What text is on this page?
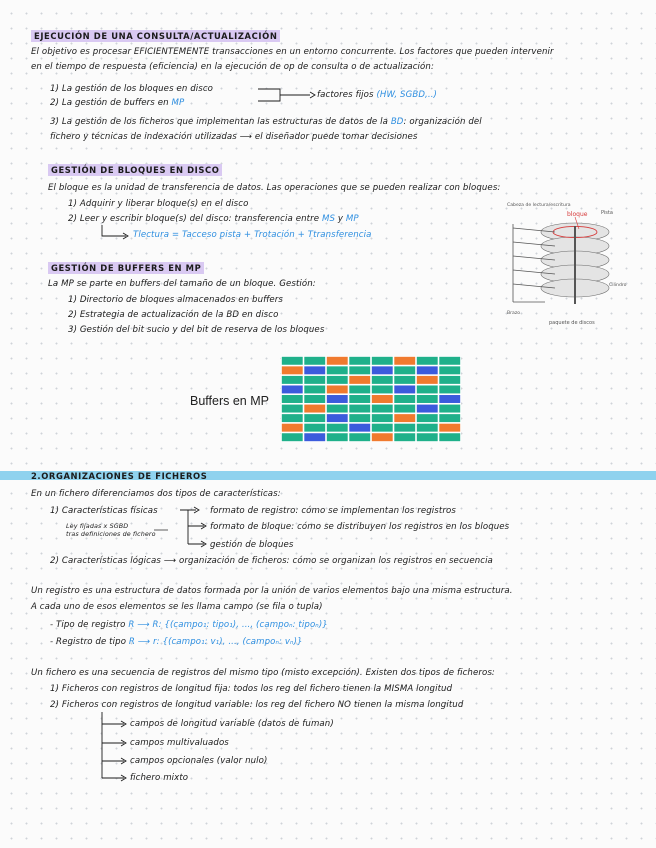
EJECUCIÓN DE UNA CONSULTA/ACTUALIZACIÓN
El objetivo es procesar EFICIENTEMENTE transacciones en un entorno concurrente. Los factores que pueden intervenir
en el tiempo de respuesta (eficiencia) en la ejecución de op de consulta o de actualización:
1) La gestión de los bloques en disco
2) La gestión de buffers en MP
factores fijos (HW, SGBD,..)
3) La gestión de los ficheros que implementan las estructuras de datos de la BD: organización del
fichero y técnicas de indexación utilizadas ⟶ el diseñador puede tomar decisiones
GESTIÓN DE BLOQUES EN DISCO
El bloque es la unidad de transferencia de datos. Las operaciones que se pueden realizar con bloques:
1) Adquirir y liberar bloque(s) en el disco
2) Leer y escribir bloque(s) del disco: transferencia entre MS y MP
Tlectura = Tacceso pista + Trotación + Ttransferencia
Cabeza de lectura/escritura
bloque	Pista
Cilindro
Brazo
paquete de discos
GESTIÓN DE BUFFERS EN MP
La MP se parte en buffers del tamaño de un bloque. Gestión:
1) Directorio de bloques almacenados en buffers
2) Estrategia de actualización de la BD en disco
3) Gestión del bit sucio y del bit de reserva de los bloques
Buffers en MP
2.ORGANIZACIONES DE FICHEROS
En un fichero diferenciamos dos tipos de características:
1) Características físicas
Ley fijadas x SGBD
tras definiciones de fichero
formato de registro: cómo se implementan los registros
formato de bloque: cómo se distribuyen los registros en los bloques
gestión de bloques
2) Características lógicas ⟶ organización de ficheros: cómo se organizan los registros en secuencia
Un registro es una estructura de datos formada por la unión de varios elementos bajo una misma estructura.
A cada uno de esos elementos se les llama campo (se fila o tupla)
- Tipo de registro R ⟶ R: {(campo₁: tipo₁), ..., (campoₙ: tipoₙ)}
- Registro de tipo R ⟶ r: {(campo₁: v₁), ..., (campoₙ: vₙ)}
Un fichero es una secuencia de registros del mismo tipo (misto excepción). Existen dos tipos de ficheros:
1) Ficheros con registros de longitud fija: todos los reg del fichero tienen la MISMA longitud
2) Ficheros con registros de longitud variable: los reg del fichero NO tienen la misma longitud
campos de longitud variable (datos de fuman)
campos multivaluados
campos opcionales (valor nulo)
fichero mixto
